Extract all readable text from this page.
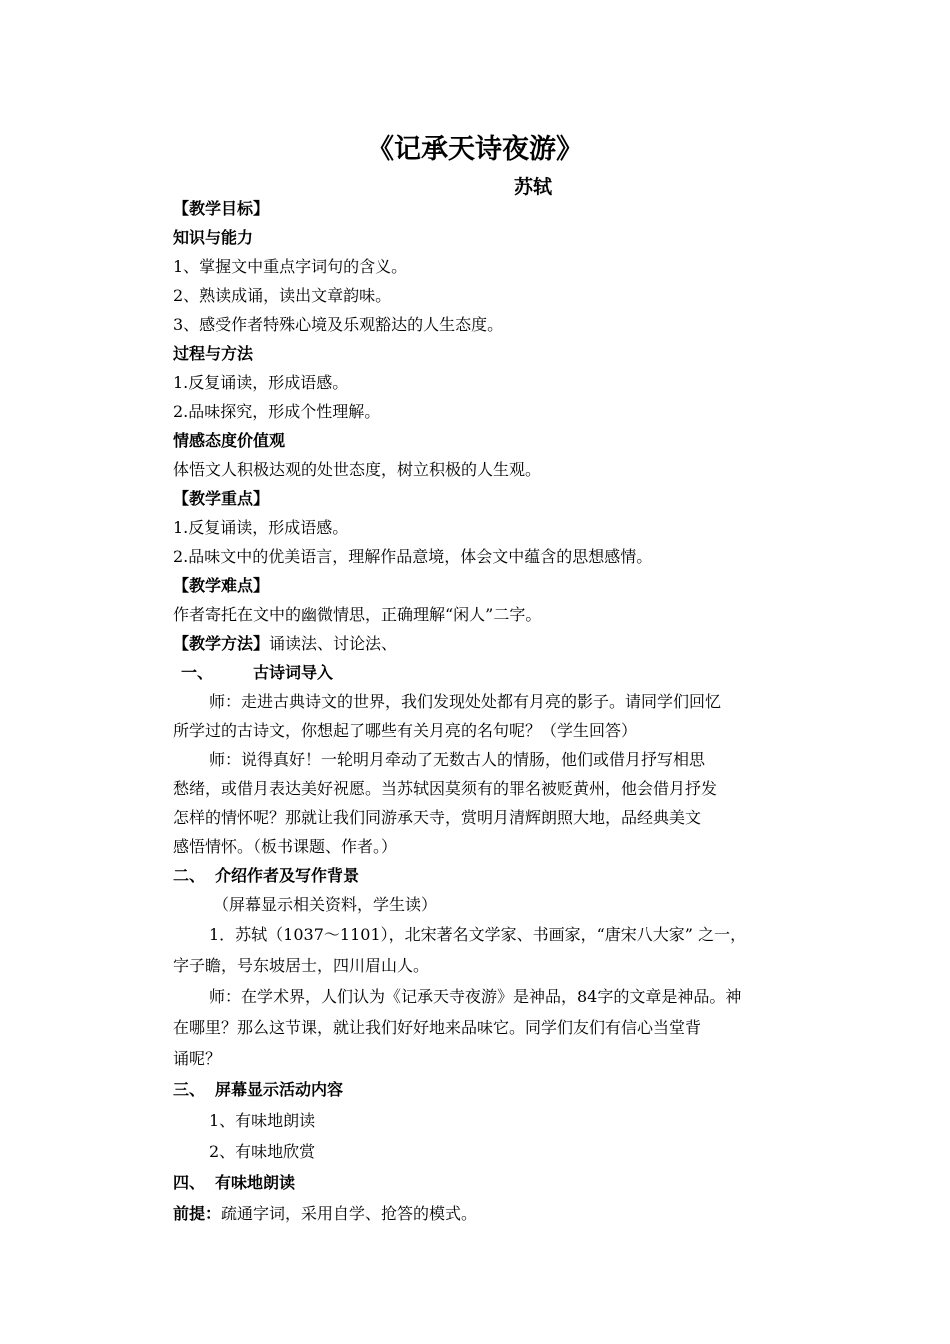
《记承天诗夜游》
苏轼
【教学目标】
知识与能力
1、掌握文中重点字词句的含义。
2、熟读成诵，读出文章韵味。
3、感受作者特殊心境及乐观豁达的人生态度。
过程与方法
1.反复诵读，形成语感。
2.品味探究，形成个性理解。
情感态度价值观
体悟文人积极达观的处世态度，树立积极的人生观。
【教学重点】
1.反复诵读，形成语感。
2.品味文中的优美语言，理解作品意境，体会文中蕴含的思想感情。
【教学难点】
作者寄托在文中的幽微情思，正确理解“闲人”二字。
【教学方法】诵读法、讨论法、
一、 古诗词导入
师：走进古典诗文的世界，我们发现处处都有月亮的影子。请同学们回忆
所学过的古诗文，你想起了哪些有关月亮的名句呢？（学生回答）
师：说得真好！一轮明月牵动了无数古人的情肠，他们或借月抒写相思
愁绪，或借月表达美好祝愿。当苏轼因莫须有的罪名被贬黄州，他会借月抒发
怎样的情怀呢？那就让我们同游承天寺，赏明月清辉朗照大地，品经典美文
感悟情怀。（板书课题、作者。）
二、 介绍作者及写作背景
（屏幕显示相关资料，学生读）
1．苏轼（1037～1101），北宋著名文学家、书画家，“唐宋八大家” 之一，
字子瞻，号东坡居士，四川眉山人。
师：在学术界，人们认为《记承天寺夜游》是神品，84字的文章是神品。神
在哪里？那么这节课，就让我们好好地来品味它。同学们友们有信心当堂背
诵呢？
三、 屏幕显示活动内容
1、有味地朗读
2、有味地欣赏
四、 有味地朗读
前提：疏通字词，采用自学、抢答的模式。
